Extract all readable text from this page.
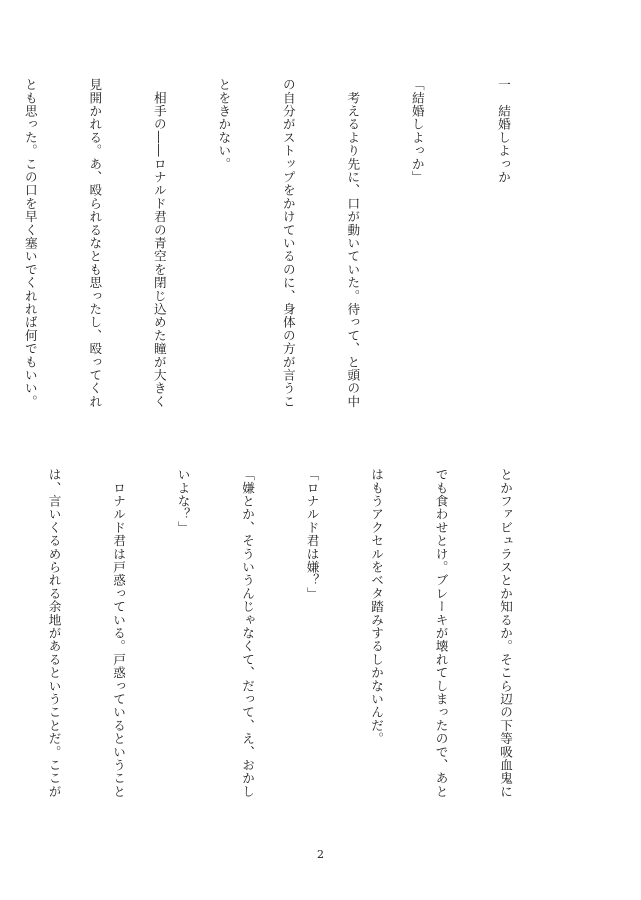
一　結婚しよっか

「結婚しよっか」

　考えるより先に、口が動いていた。待って、と頭の中

の自分がストップをかけているのに、身体の方が言うこ

とをきかない。

　相手の――ロナルド君の青空を閉じ込めた瞳が大きく

見開かれる。あ、殴られるなとも思ったし、殴ってくれ

とも思った。この口を早く塞いでくれれば何でもいい。

とかファビュラスとか知るか。そこら辺の下等吸血鬼に

でも食わせとけ。ブレーキが壊れてしまったので、あと

はもうアクセルをベタ踏みするしかないんだ。

「ロナルド君は嫌？」

「嫌とか、そういうんじゃなくて、だって、え、おかし

いよな？」

　ロナルド君は戸惑っている。戸惑っているということ

は、言いくるめられる余地があるということだ。ここが

2
